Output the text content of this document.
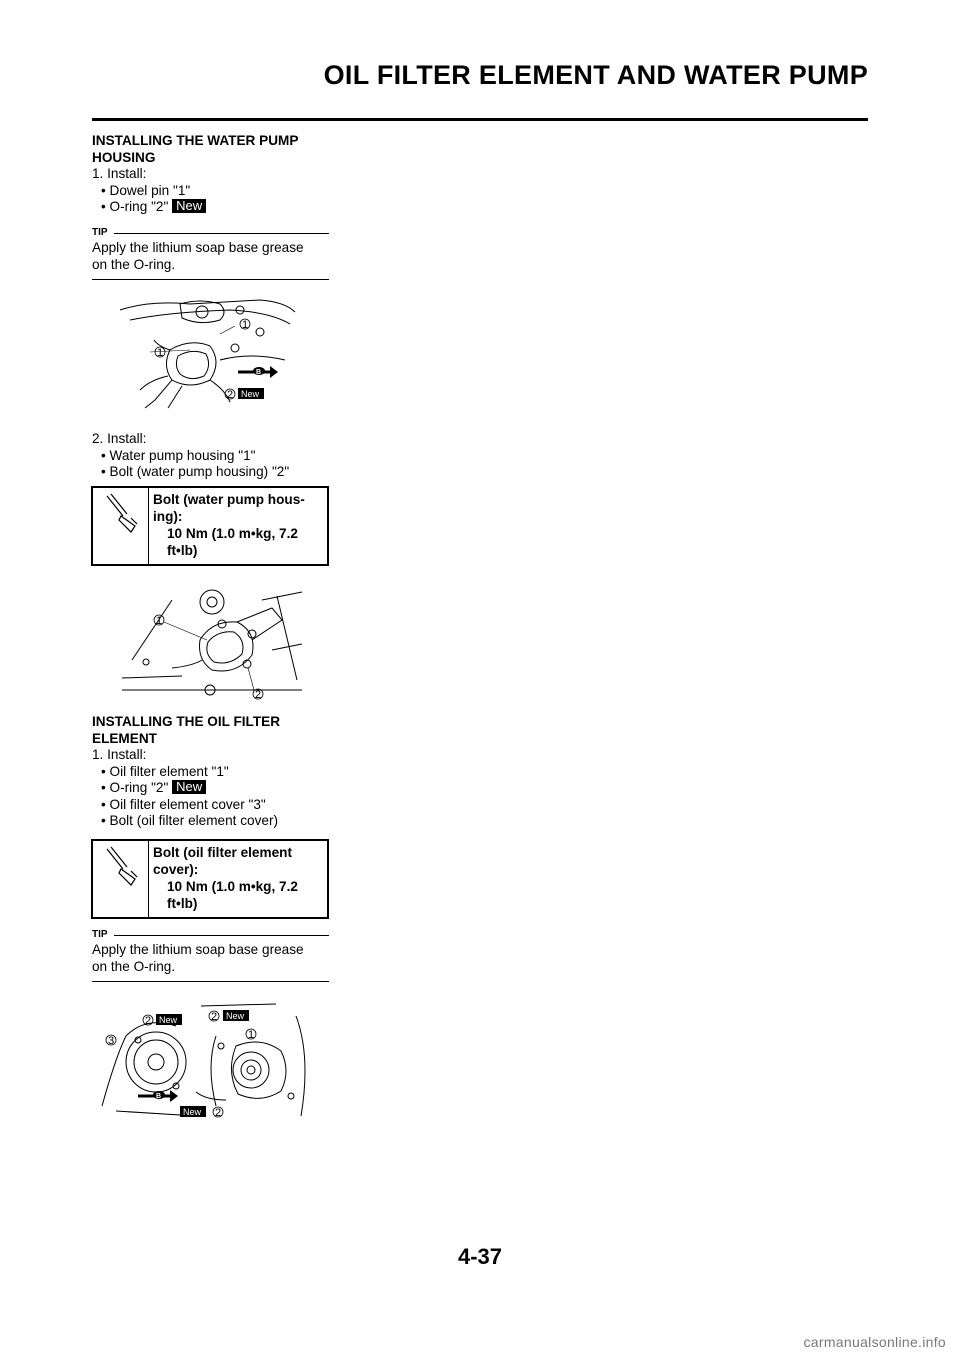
OIL FILTER ELEMENT AND WATER PUMP
INSTALLING THE WATER PUMP
HOUSING
1. Install:
• Dowel pin "1"
• O-ring "2" New
TIP
Apply the lithium soap base grease
on the O-ring.
1
1
2 New
B
2. Install:
• Water pump housing "1"
• Bolt (water pump housing) "2"
Bolt (water pump hous-
ing):
10 Nm (1.0 m•kg, 7.2
ft•lb)
1
2
INSTALLING THE OIL FILTER
ELEMENT
1. Install:
• Oil filter element "1"
• O-ring "2" New
• Oil filter element cover "3"
• Bolt (oil filter element cover)
Bolt (oil filter element
cover):
10 Nm (1.0 m•kg, 7.2
ft•lb)
TIP
Apply the lithium soap base grease
on the O-ring.
2	2
3	1
2
New	New
New
B
4-37
carmanualsonline.info
